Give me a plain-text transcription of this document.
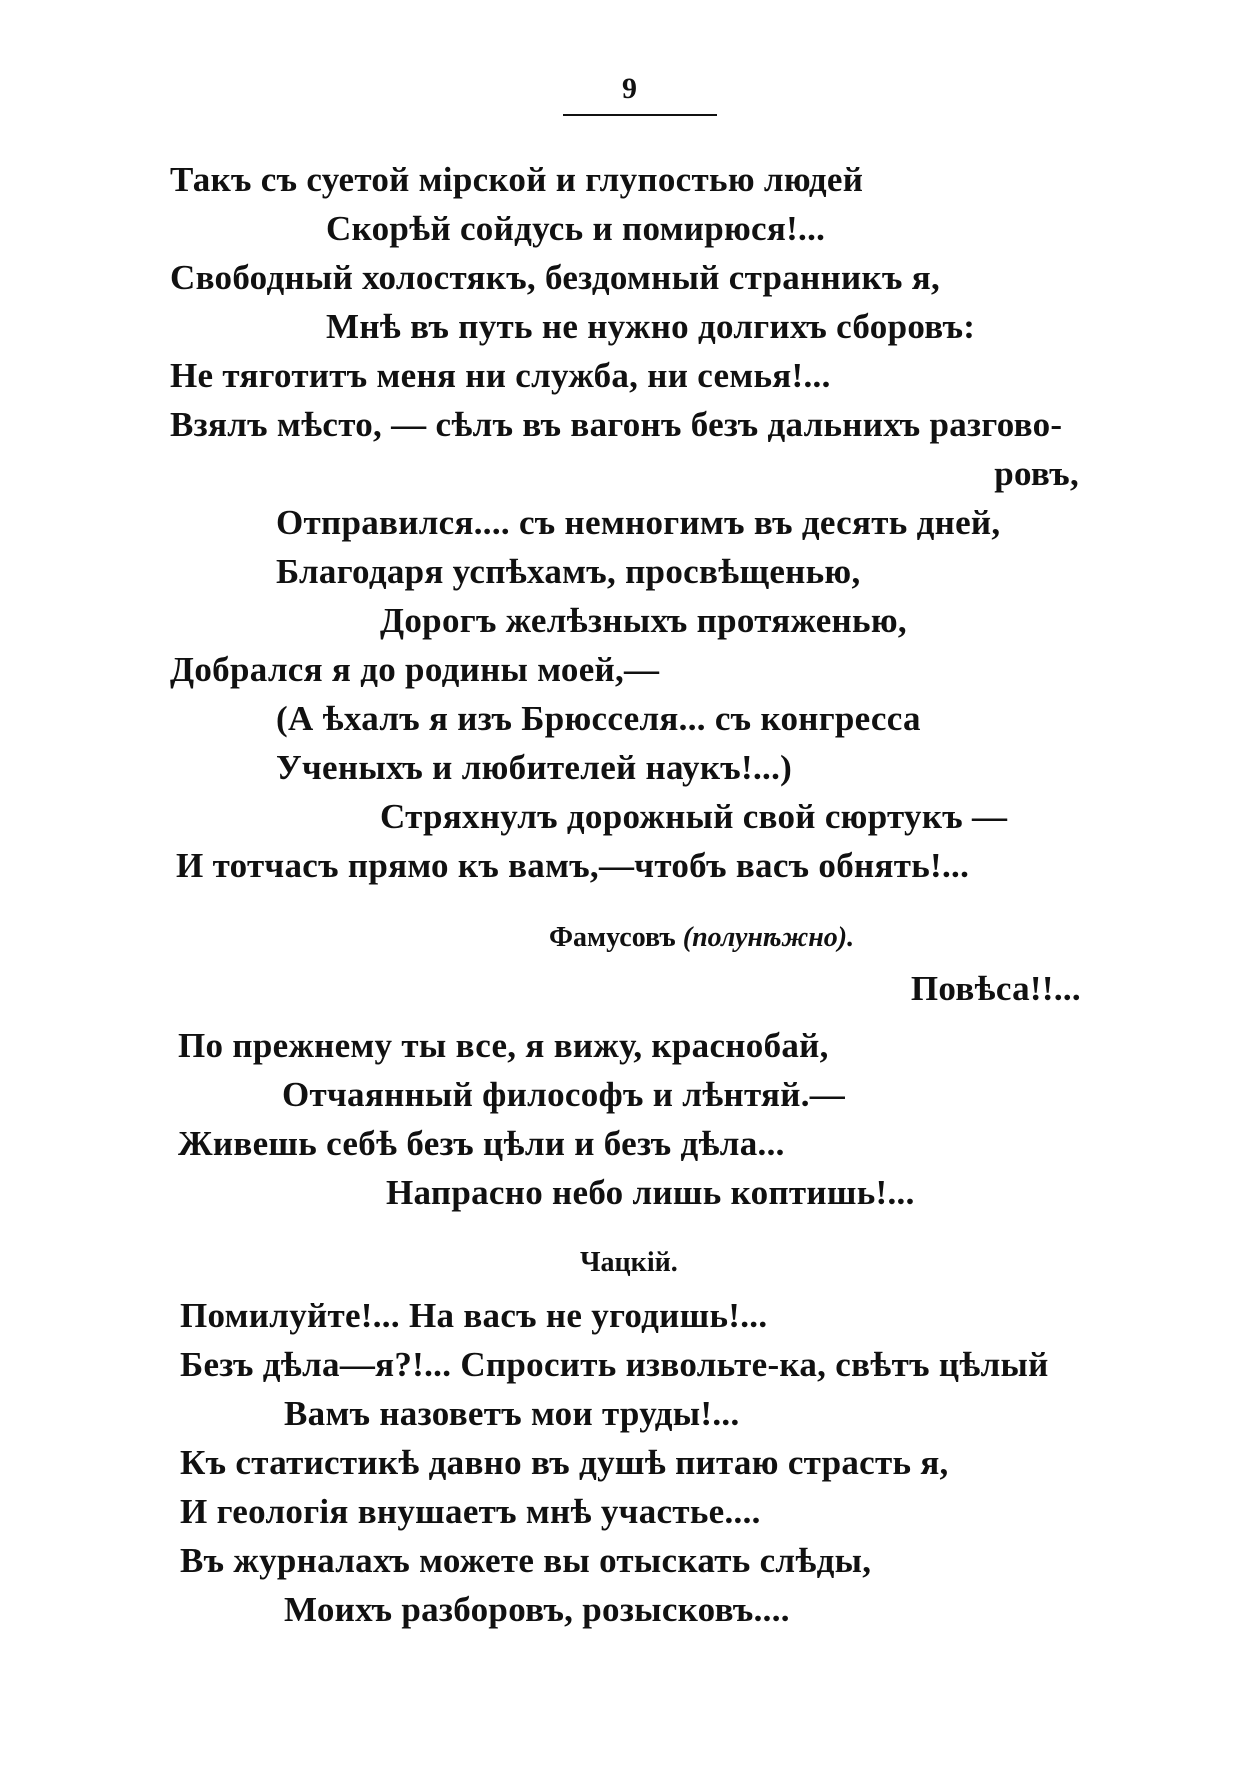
9
Такъ съ суетой мірской и глупостью людей
Скорѣй сойдусь и помирюся!...
Свободный холостякъ, бездомный странникъ я,
Мнѣ въ путь не нужно долгихъ сборовъ:
Не тяготитъ меня ни служба, ни семья!...
Взялъ мѣсто, — сѣлъ въ вагонъ безъ дальнихъ разгово-
ровъ,
Отправился.... съ немногимъ въ десять дней,
Благодаря успѣхамъ, просвѣщенью,
Дорогъ желѣзныхъ протяженью,
Добрался я до родины моей,—
(А ѣхалъ я изъ Брюсселя... съ конгресса
Ученыхъ и любителей наукъ!...)
Стряхнулъ дорожный свой сюртукъ —
И тотчасъ прямо къ вамъ,—чтобъ васъ обнять!...
Фамусовъ (полунѣжно).
Повѣса!!...
По прежнему ты все, я вижу, краснобай,
Отчаянный философъ и лѣнтяй.—
Живешь себѣ безъ цѣли и безъ дѣла...
Напрасно небо лишь коптишь!...
Чацкій.
Помилуйте!... На васъ не угодишь!...
Безъ дѣла—я?!... Спросить извольте-ка, свѣтъ цѣлый
Вамъ назоветъ мои труды!...
Къ статистикѣ давно въ душѣ питаю страсть я,
И геологія внушаетъ мнѣ участье....
Въ журналахъ можете вы отыскать слѣды,
Моихъ разборовъ, розысковъ....
